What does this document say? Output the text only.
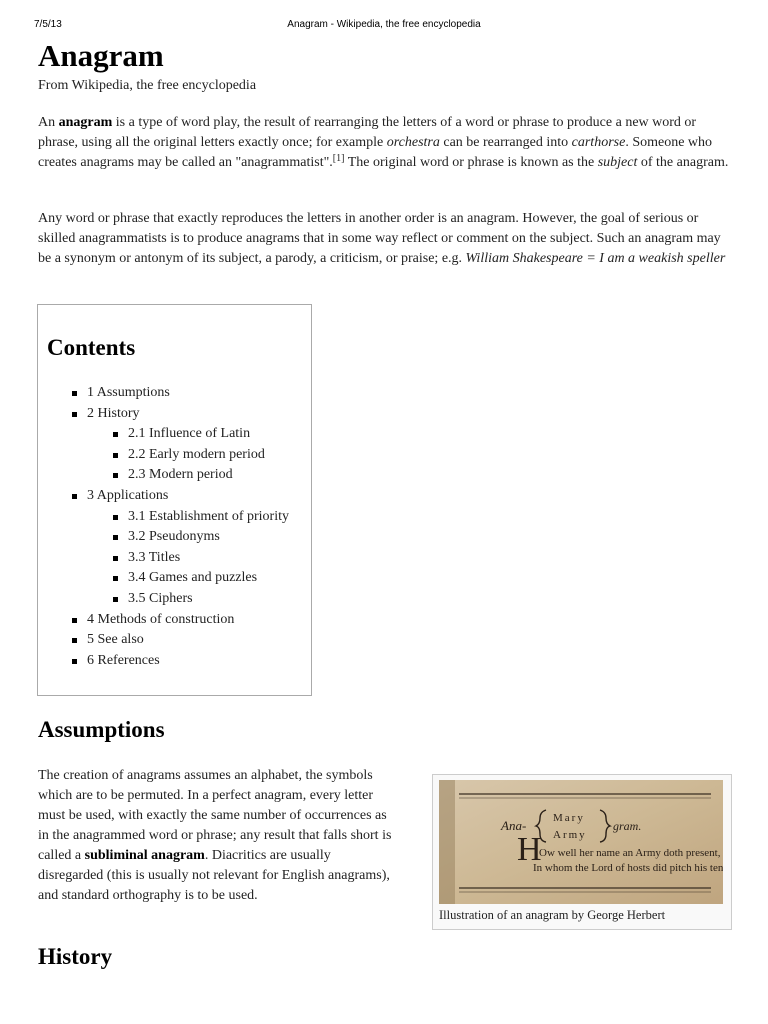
7/5/13	Anagram - Wikipedia, the free encyclopedia
Anagram
From Wikipedia, the free encyclopedia

An anagram is a type of word play, the result of rearranging the letters of a word or phrase to produce a new word or phrase, using all the original letters exactly once; for example orchestra can be rearranged into carthorse. Someone who creates anagrams may be called an "anagrammatist".[1] The original word or phrase is known as the subject of the anagram.

Any word or phrase that exactly reproduces the letters in another order is an anagram. However, the goal of serious or skilled anagrammatists is to produce anagrams that in some way reflect or comment on the subject. Such an anagram may be a synonym or antonym of its subject, a parody, a criticism, or praise; e.g. William Shakespeare = I am a weakish speller

Contents
1 Assumptions
2 History
2.1 Influence of Latin
2.2 Early modern period
2.3 Modern period
3 Applications
3.1 Establishment of priority
3.2 Pseudonyms
3.3 Titles
3.4 Games and puzzles
3.5 Ciphers
4 Methods of construction
5 See also
6 References
Assumptions

The creation of anagrams assumes an alphabet, the symbols which are to be permuted. In a perfect anagram, every letter must be used, with exactly the same number of occurrences as in the anagrammed word or phrase; any result that falls short is called a subliminal anagram. Diacritics are usually disregarded (this is usually not relevant for English anagrams), and standard orthography is to be used.

H
Ana- Mary
Army
gram.
Ow well her name an Army doth present,
In whom the Lord of hosts did pitch his tent!
Illustration of an anagram by George Herbert
History
